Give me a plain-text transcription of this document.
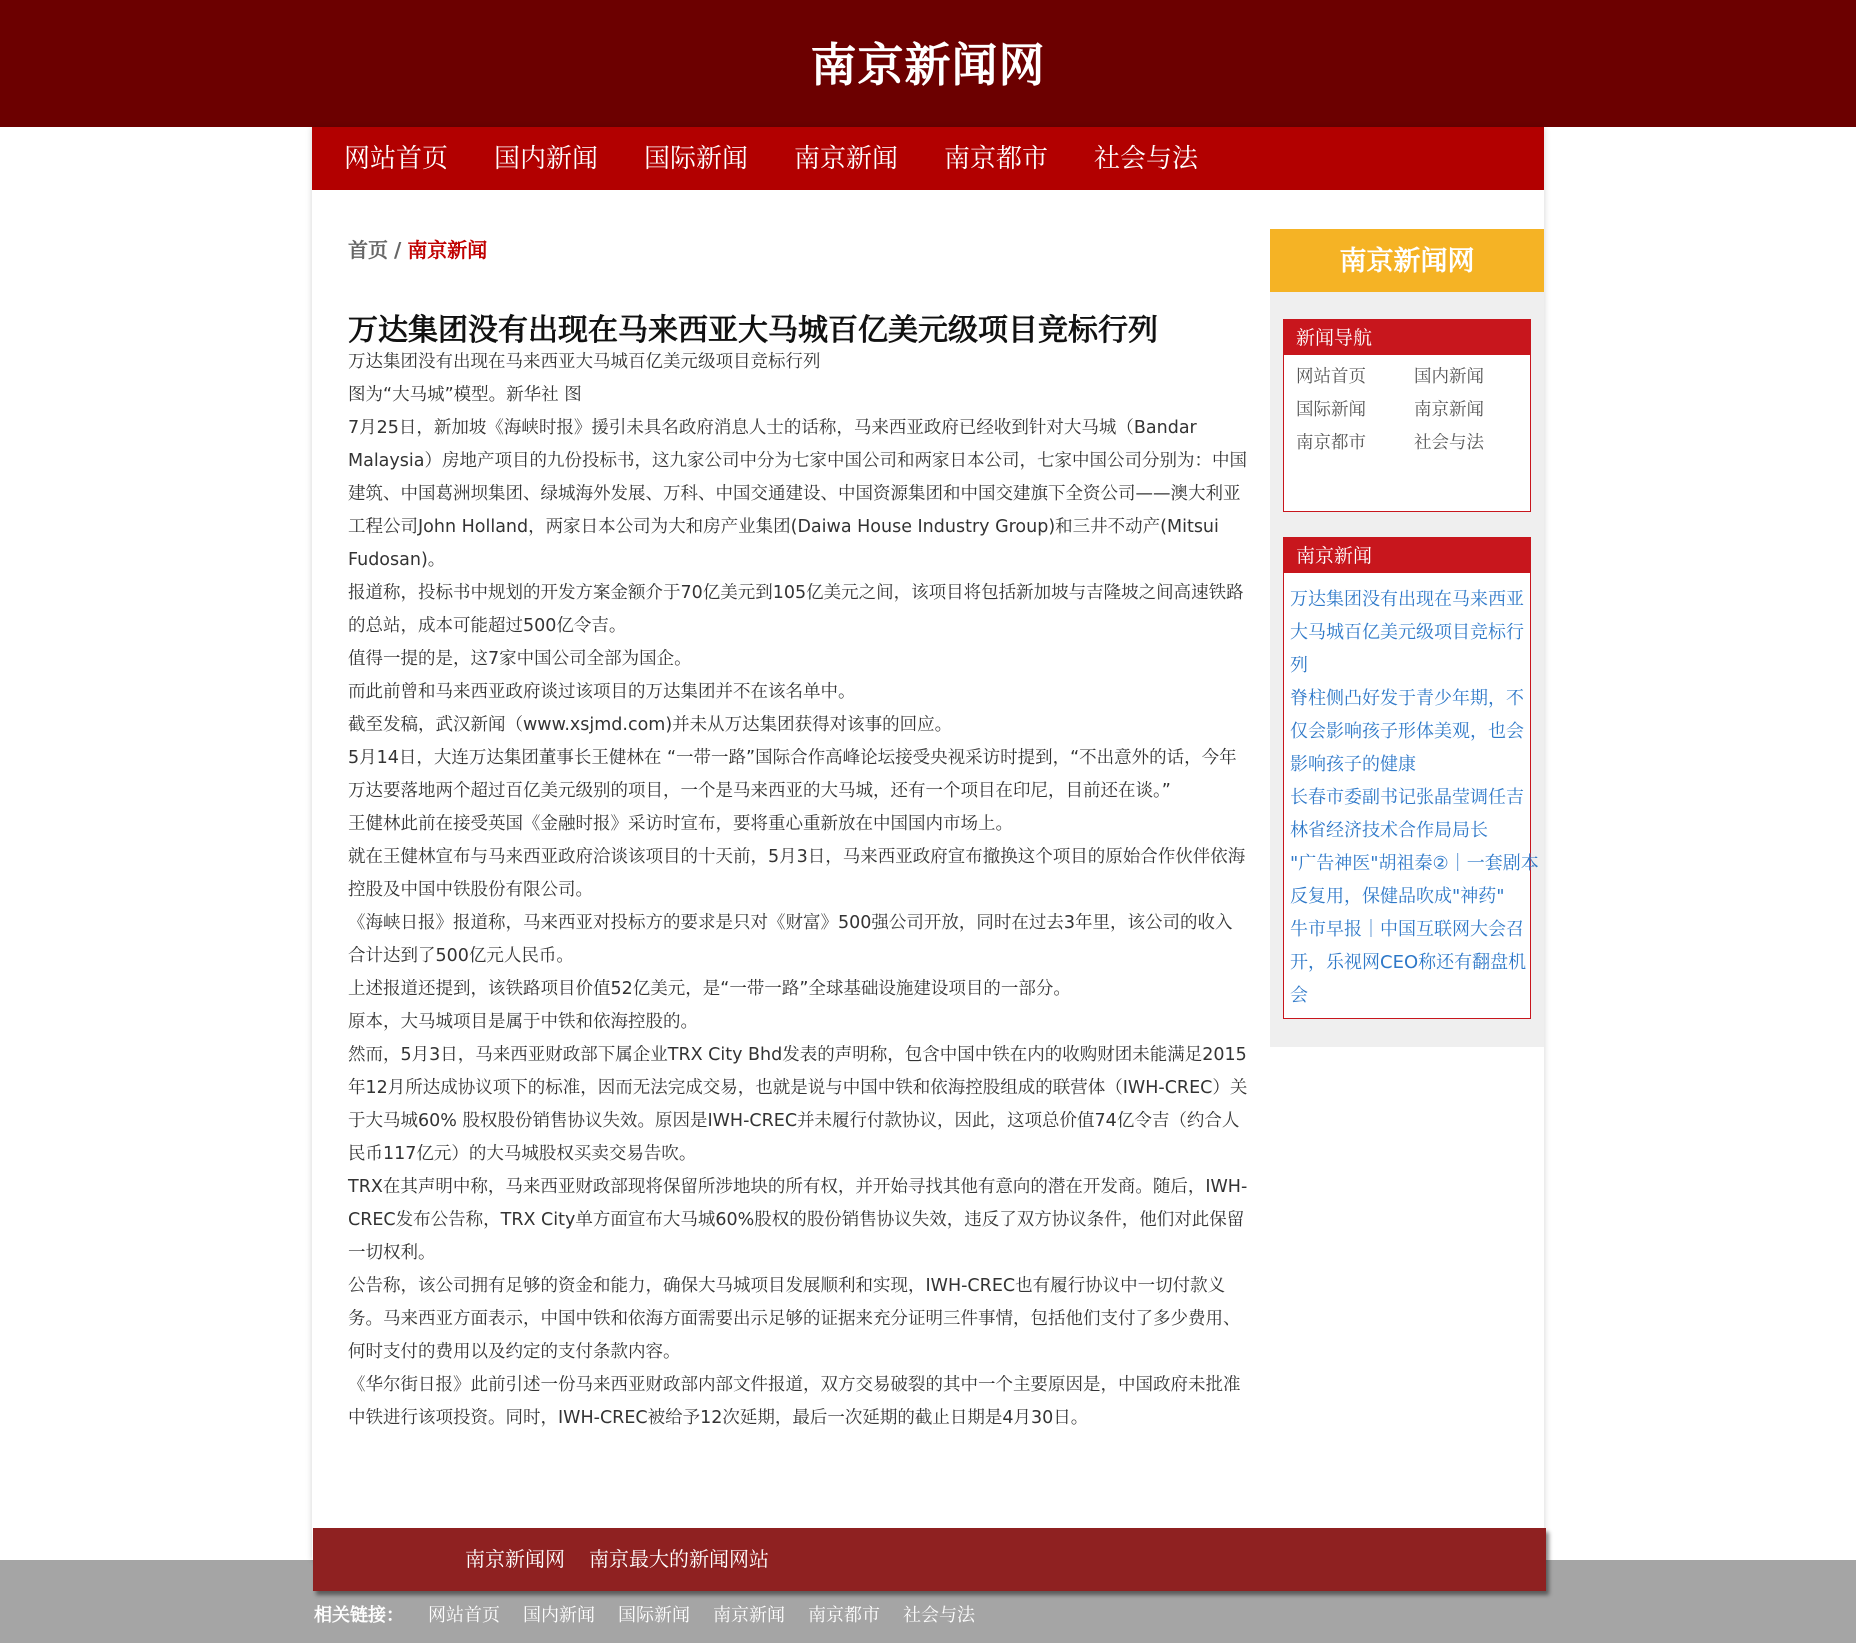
南京新闻网
网站首页 国内新闻 国际新闻 南京新闻 南京都市 社会与法
首页 / 南京新闻
万达集团没有出现在马来西亚大马城百亿美元级项目竞标行列

万达集团没有出现在马来西亚大马城百亿美元级项目竞标行列

图为“大马城”模型。新华社 图

7月25日，新加坡《海峡时报》援引未具名政府消息人士的话称，马来西亚政府已经收到针对大马城（Bandar Malaysia）房地产项目的九份投标书，这九家公司中分为七家中国公司和两家日本公司，七家中国公司分别为：中国建筑、中国葛洲坝集团、绿城海外发展、万科、中国交通建设、中国资源集团和中国交建旗下全资公司——澳大利亚工程公司John Holland，两家日本公司为大和房产业集团(Daiwa House Industry Group)和三井不动产(Mitsui Fudosan)。

报道称，投标书中规划的开发方案金额介于70亿美元到105亿美元之间，该项目将包括新加坡与吉隆坡之间高速铁路的总站，成本可能超过500亿令吉。

值得一提的是，这7家中国公司全部为国企。

而此前曾和马来西亚政府谈过该项目的万达集团并不在该名单中。

截至发稿，武汉新闻（www.xsjmd.com)并未从万达集团获得对该事的回应。

5月14日，大连万达集团董事长王健林在 “一带一路”国际合作高峰论坛接受央视采访时提到，“不出意外的话，今年万达要落地两个超过百亿美元级别的项目，一个是马来西亚的大马城，还有一个项目在印尼，目前还在谈。”

王健林此前在接受英国《金融时报》采访时宣布，要将重心重新放在中国国内市场上。

就在王健林宣布与马来西亚政府洽谈该项目的十天前，5月3日，马来西亚政府宣布撤换这个项目的原始合作伙伴依海控股及中国中铁股份有限公司。

《海峡日报》报道称，马来西亚对投标方的要求是只对《财富》500强公司开放，同时在过去3年里，该公司的收入合计达到了500亿元人民币。

上述报道还提到，该铁路项目价值52亿美元，是“一带一路”全球基础设施建设项目的一部分。

原本，大马城项目是属于中铁和依海控股的。

然而，5月3日，马来西亚财政部下属企业TRX City Bhd发表的声明称，包含中国中铁在内的收购财团未能满足2015年12月所达成协议项下的标准，因而无法完成交易，也就是说与中国中铁和依海控股组成的联营体（IWH-CREC）关于大马城60% 股权股份销售协议失效。原因是IWH-CREC并未履行付款协议，因此，这项总价值74亿令吉（约合人民币117亿元）的大马城股权买卖交易告吹。

TRX在其声明中称，马来西亚财政部现将保留所涉地块的所有权，并开始寻找其他有意向的潜在开发商。随后，IWH-CREC发布公告称，TRX City单方面宣布大马城60%股权的股份销售协议失效，违反了双方协议条件，他们对此保留一切权利。

公告称，该公司拥有足够的资金和能力，确保大马城项目发展顺利和实现，IWH-CREC也有履行协议中一切付款义务。马来西亚方面表示，中国中铁和依海方面需要出示足够的证据来充分证明三件事情，包括他们支付了多少费用、何时支付的费用以及约定的支付条款内容。

《华尔街日报》此前引述一份马来西亚财政部内部文件报道，双方交易破裂的其中一个主要原因是，中国政府未批准中铁进行该项投资。同时，IWH-CREC被给予12次延期，最后一次延期的截止日期是4月30日。

南京新闻网
新闻导航
网站首页	国内新闻
国际新闻	南京新闻
南京都市	社会与法
南京新闻
万达集团没有出现在马来西亚大马城百亿美元级项目竞标行列
脊柱侧凸好发于青少年期，不仅会影响孩子形体美观，也会影响孩子的健康
长春市委副书记张晶莹调任吉林省经济技术合作局局长
"广告神医"胡祖秦②｜一套剧本反复用，保健品吹成"神药"
牛市早报｜中国互联网大会召开，乐视网CEO称还有翻盘机会
南京新闻网 南京最大的新闻网站
相关链接： 网站首页 国内新闻 国际新闻 南京新闻 南京都市 社会与法
